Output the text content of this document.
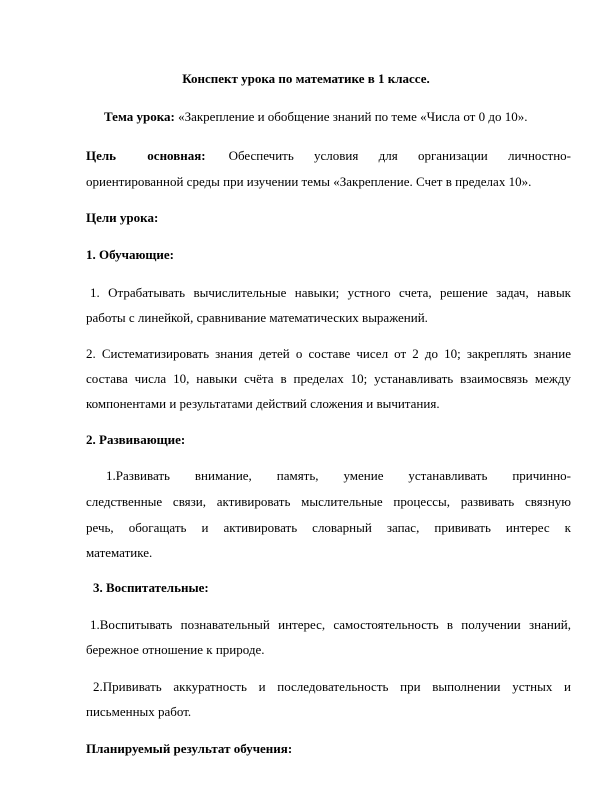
Конспект урока по математике в 1 классе.
Тема урока: «Закрепление и обобщение знаний по теме «Числа от 0 до 10».
Цель основная: Обеспечить условия для организации личностно-
ориентированной среды при изучении темы «Закрепление. Счет в пределах 10».
Цели урока:
1. Обучающие:
1. Отрабатывать вычислительные навыки; устного счета, решение задач, навык
работы с линейкой, сравнивание математических выражений.
2. Систематизировать знания детей о составе чисел от 2 до 10; закреплять знание
состава числа 10, навыки счёта в пределах 10; устанавливать взаимосвязь между
компонентами и результатами действий сложения и вычитания.
2. Развивающие:
1.Развивать внимание, память, умение устанавливать причинно-
следственные связи, активировать мыслительные процессы, развивать связную
речь, обогащать и активировать словарный запас, прививать интерес к
математике.
3. Воспитательные:
1.Воспитывать познавательный интерес, самостоятельность в получении знаний,
бережное отношение к природе.
2.Прививать аккуратность и последовательность при выполнении устных и
письменных работ.
Планируемый результат обучения:
